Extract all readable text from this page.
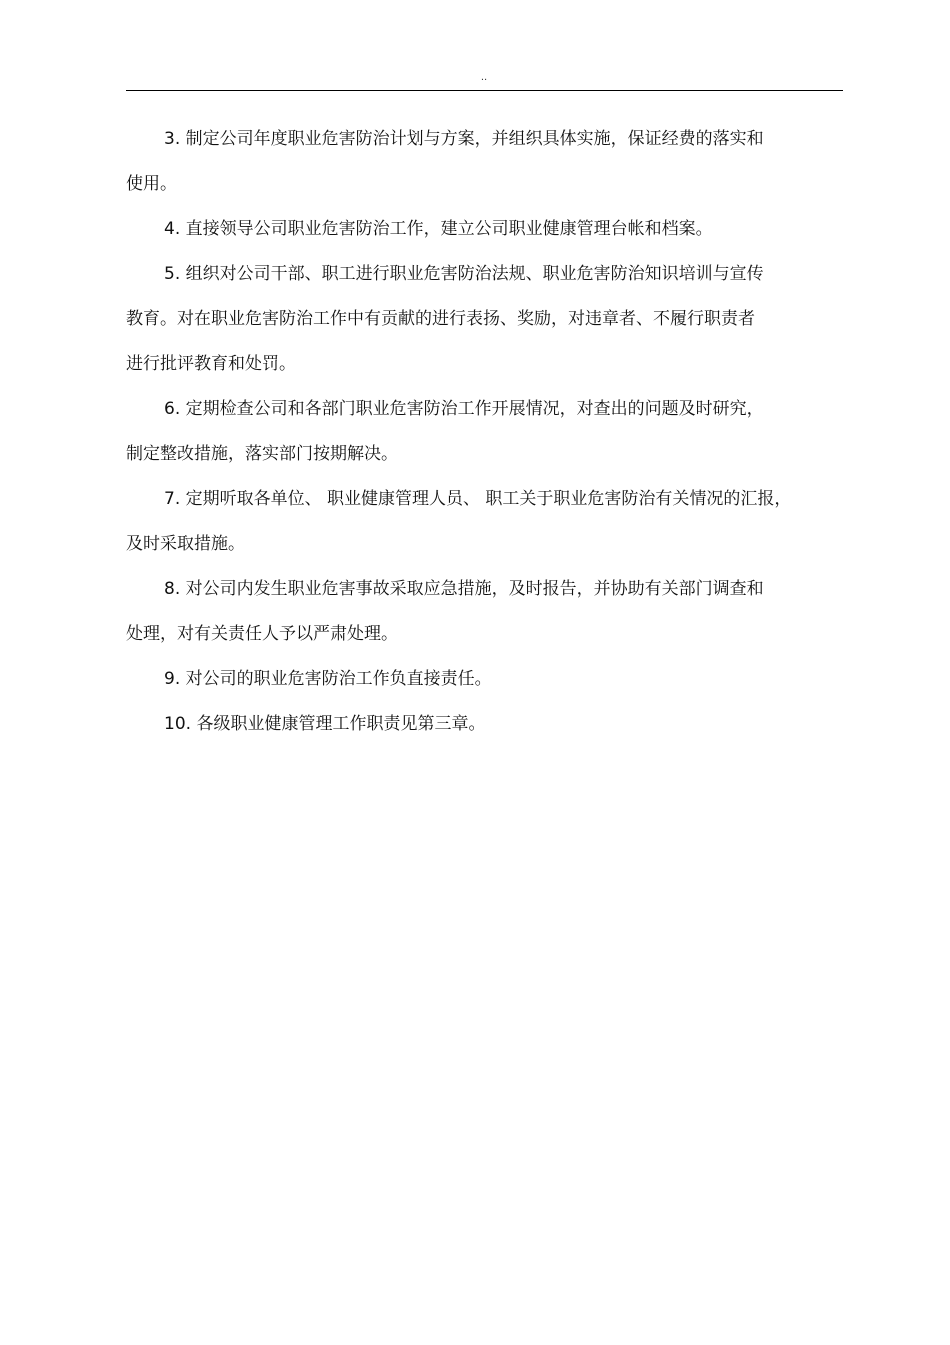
..
3. 制定公司年度职业危害防治计划与方案，并组织具体实施，保证经费的落实和
使用。
4. 直接领导公司职业危害防治工作，建立公司职业健康管理台帐和档案。
5. 组织对公司干部、职工进行职业危害防治法规、职业危害防治知识培训与宣传
教育。对在职业危害防治工作中有贡献的进行表扬、奖励，对违章者、不履行职责者
进行批评教育和处罚。
6. 定期检查公司和各部门职业危害防治工作开展情况，对查出的问题及时研究，
制定整改措施，落实部门按期解决。
7. 定期听取各单位、 职业健康管理人员、 职工关于职业危害防治有关情况的汇报，
及时采取措施。
8. 对公司内发生职业危害事故采取应急措施，及时报告，并协助有关部门调查和
处理，对有关责任人予以严肃处理。
9. 对公司的职业危害防治工作负直接责任。
10. 各级职业健康管理工作职责见第三章。
